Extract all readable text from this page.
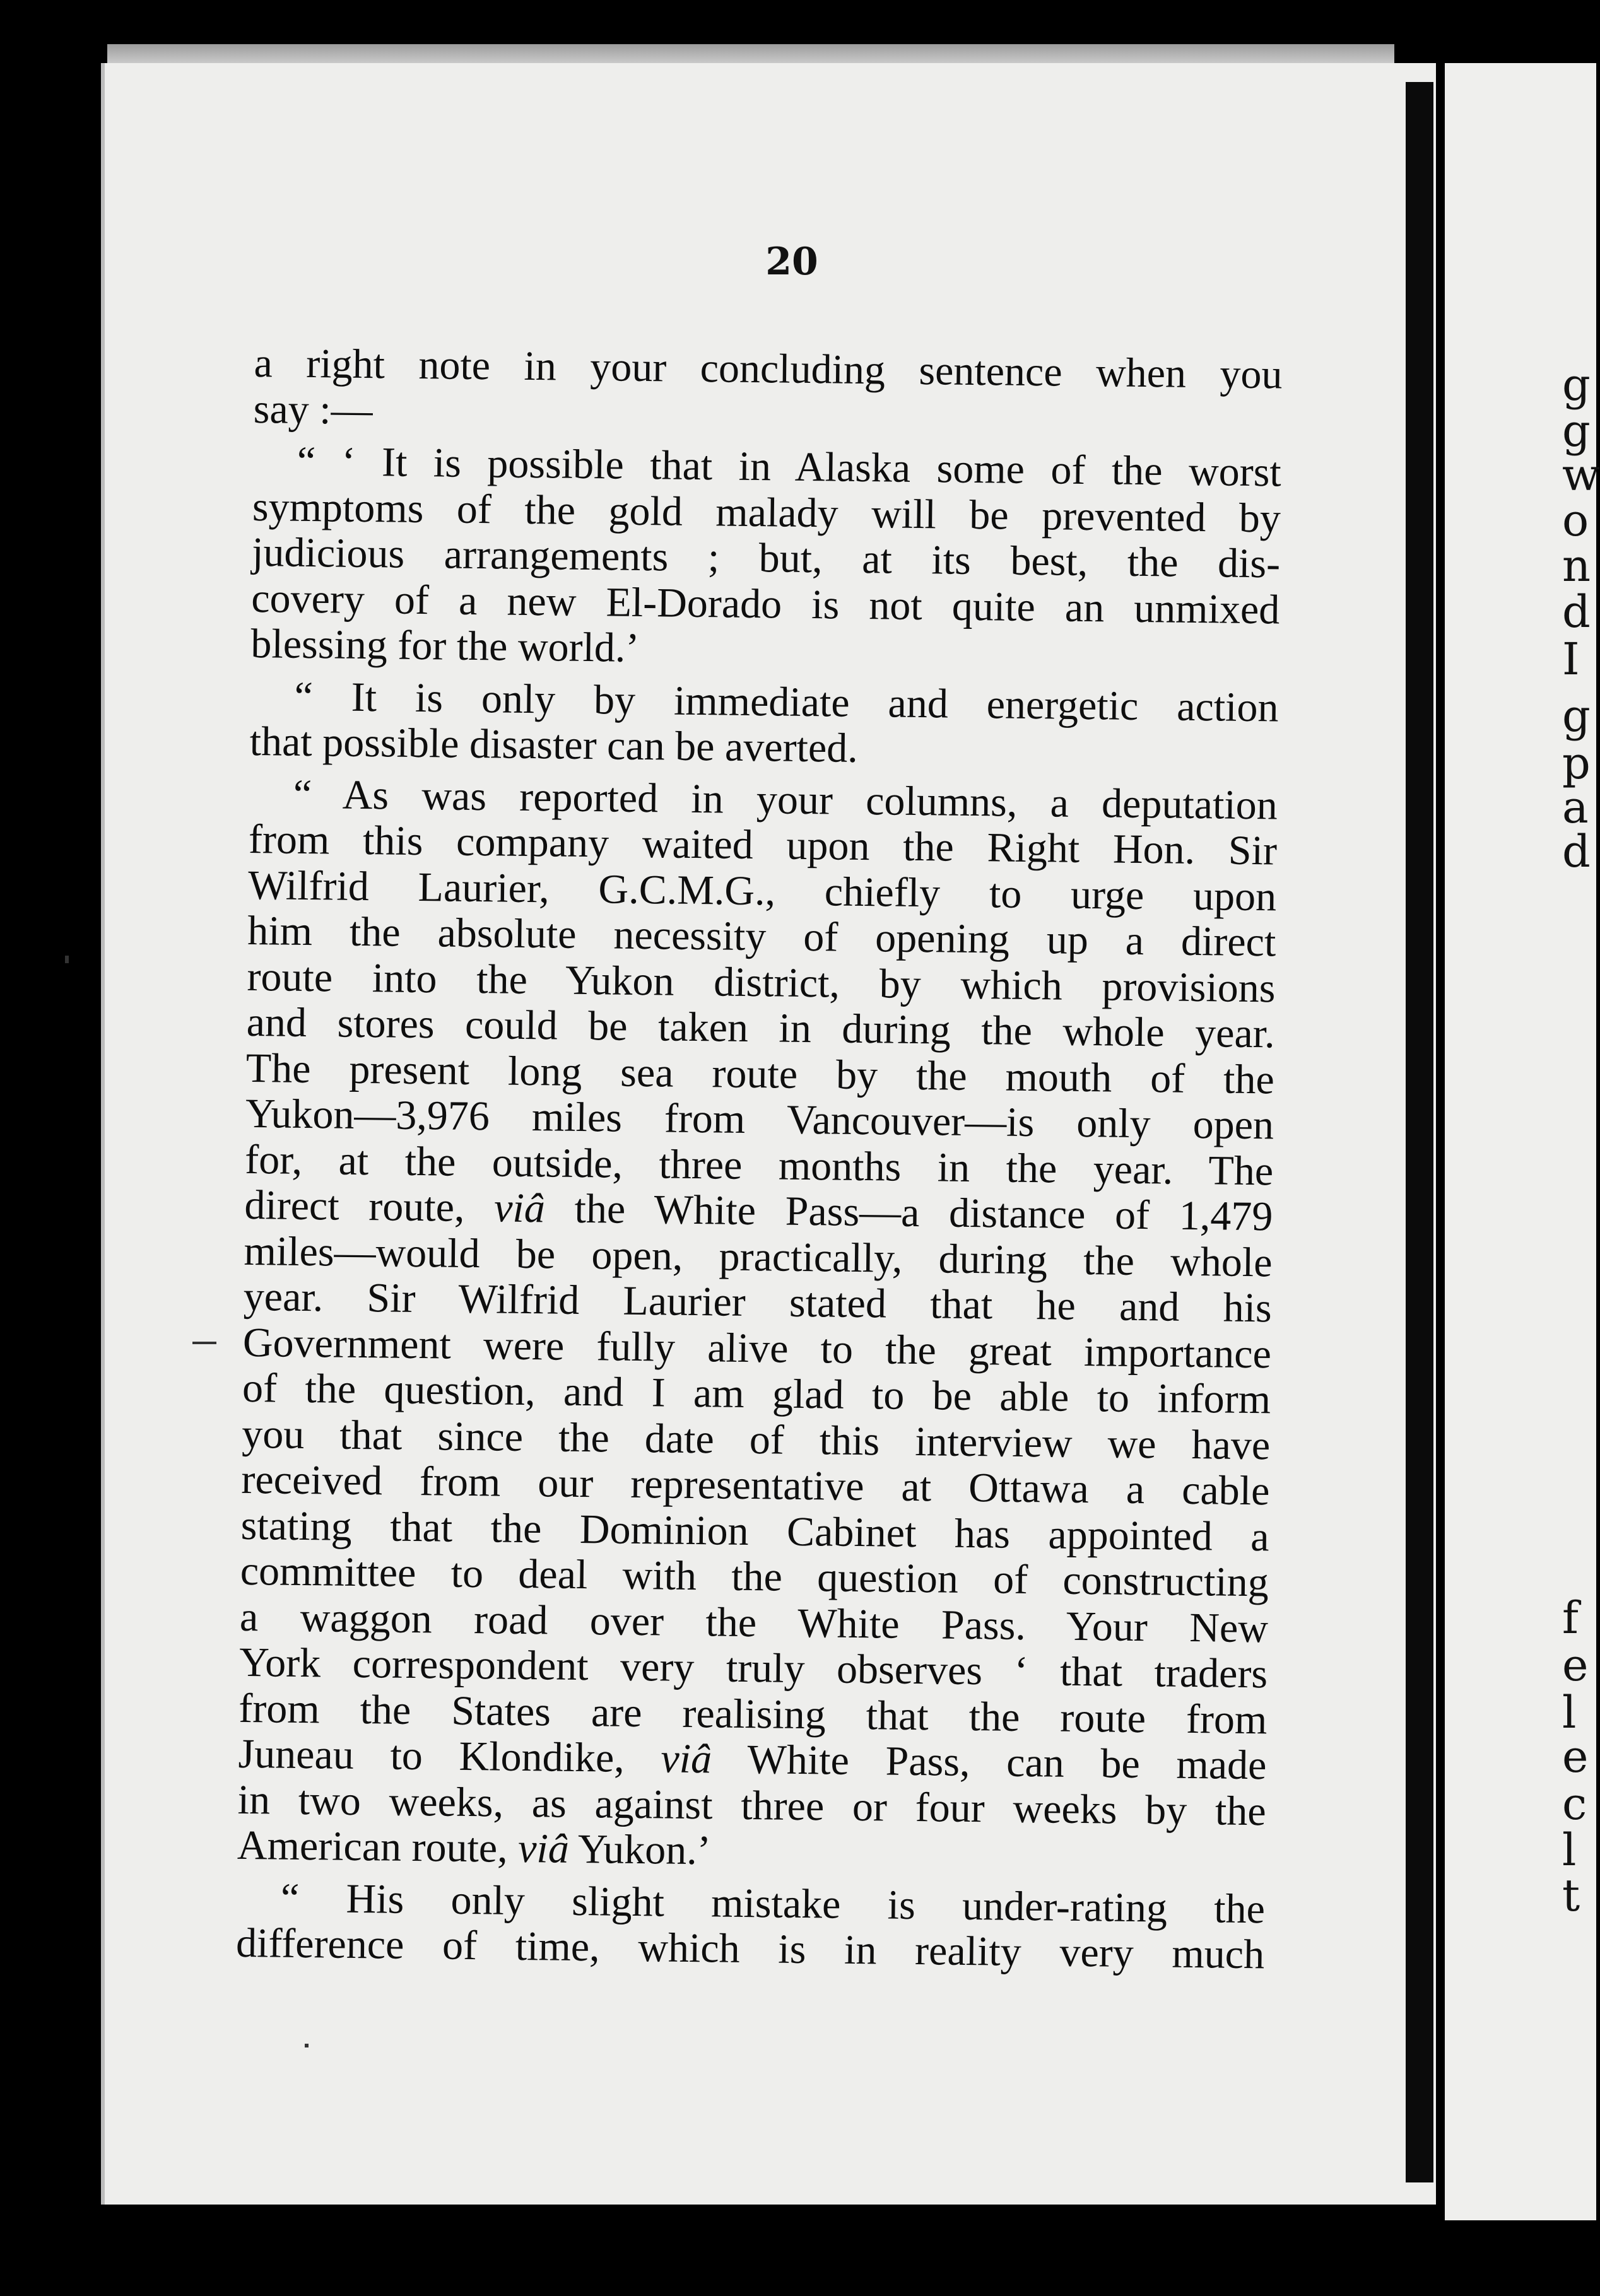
g
g
w
o
n
d
I
g
p
a
d
f
e
l
e
c
l
t
20
a right note in your concluding sentence when you
say :—
“ ‘ It is possible that in Alaska some of the worst
symptoms of the gold malady will be prevented by
judicious arrangements ; but, at its best, the dis-
covery of a new El-Dorado is not quite an unmixed
blessing for the world.’
“ It is only by immediate and energetic action
that possible disaster can be averted.
“ As was reported in your columns, a deputation
from this company waited upon the Right Hon. Sir
Wilfrid Laurier, G.C.M.G., chiefly to urge upon
him the absolute necessity of opening up a direct
route into the Yukon district, by which provisions
and stores could be taken in during the whole year.
The present long sea route by the mouth of the
Yukon—3,976 miles from Vancouver—is only open
for, at the outside, three months in the year. The
direct route, viâ the White Pass—a distance of 1,479
miles—would be open, practically, during the whole
year. Sir Wilfrid Laurier stated that he and his
Government were fully alive to the great importance
of the question, and I am glad to be able to inform
you that since the date of this interview we have
received from our representative at Ottawa a cable
stating that the Dominion Cabinet has appointed a
committee to deal with the question of constructing
a waggon road over the White Pass. Your New
York correspondent very truly observes ‘ that traders
from the States are realising that the route from
Juneau to Klondike, viâ White Pass, can be made
in two weeks, as against three or four weeks by the
American route, viâ Yukon.’
“ His only slight mistake is under-rating the
difference of time, which is in reality very much
